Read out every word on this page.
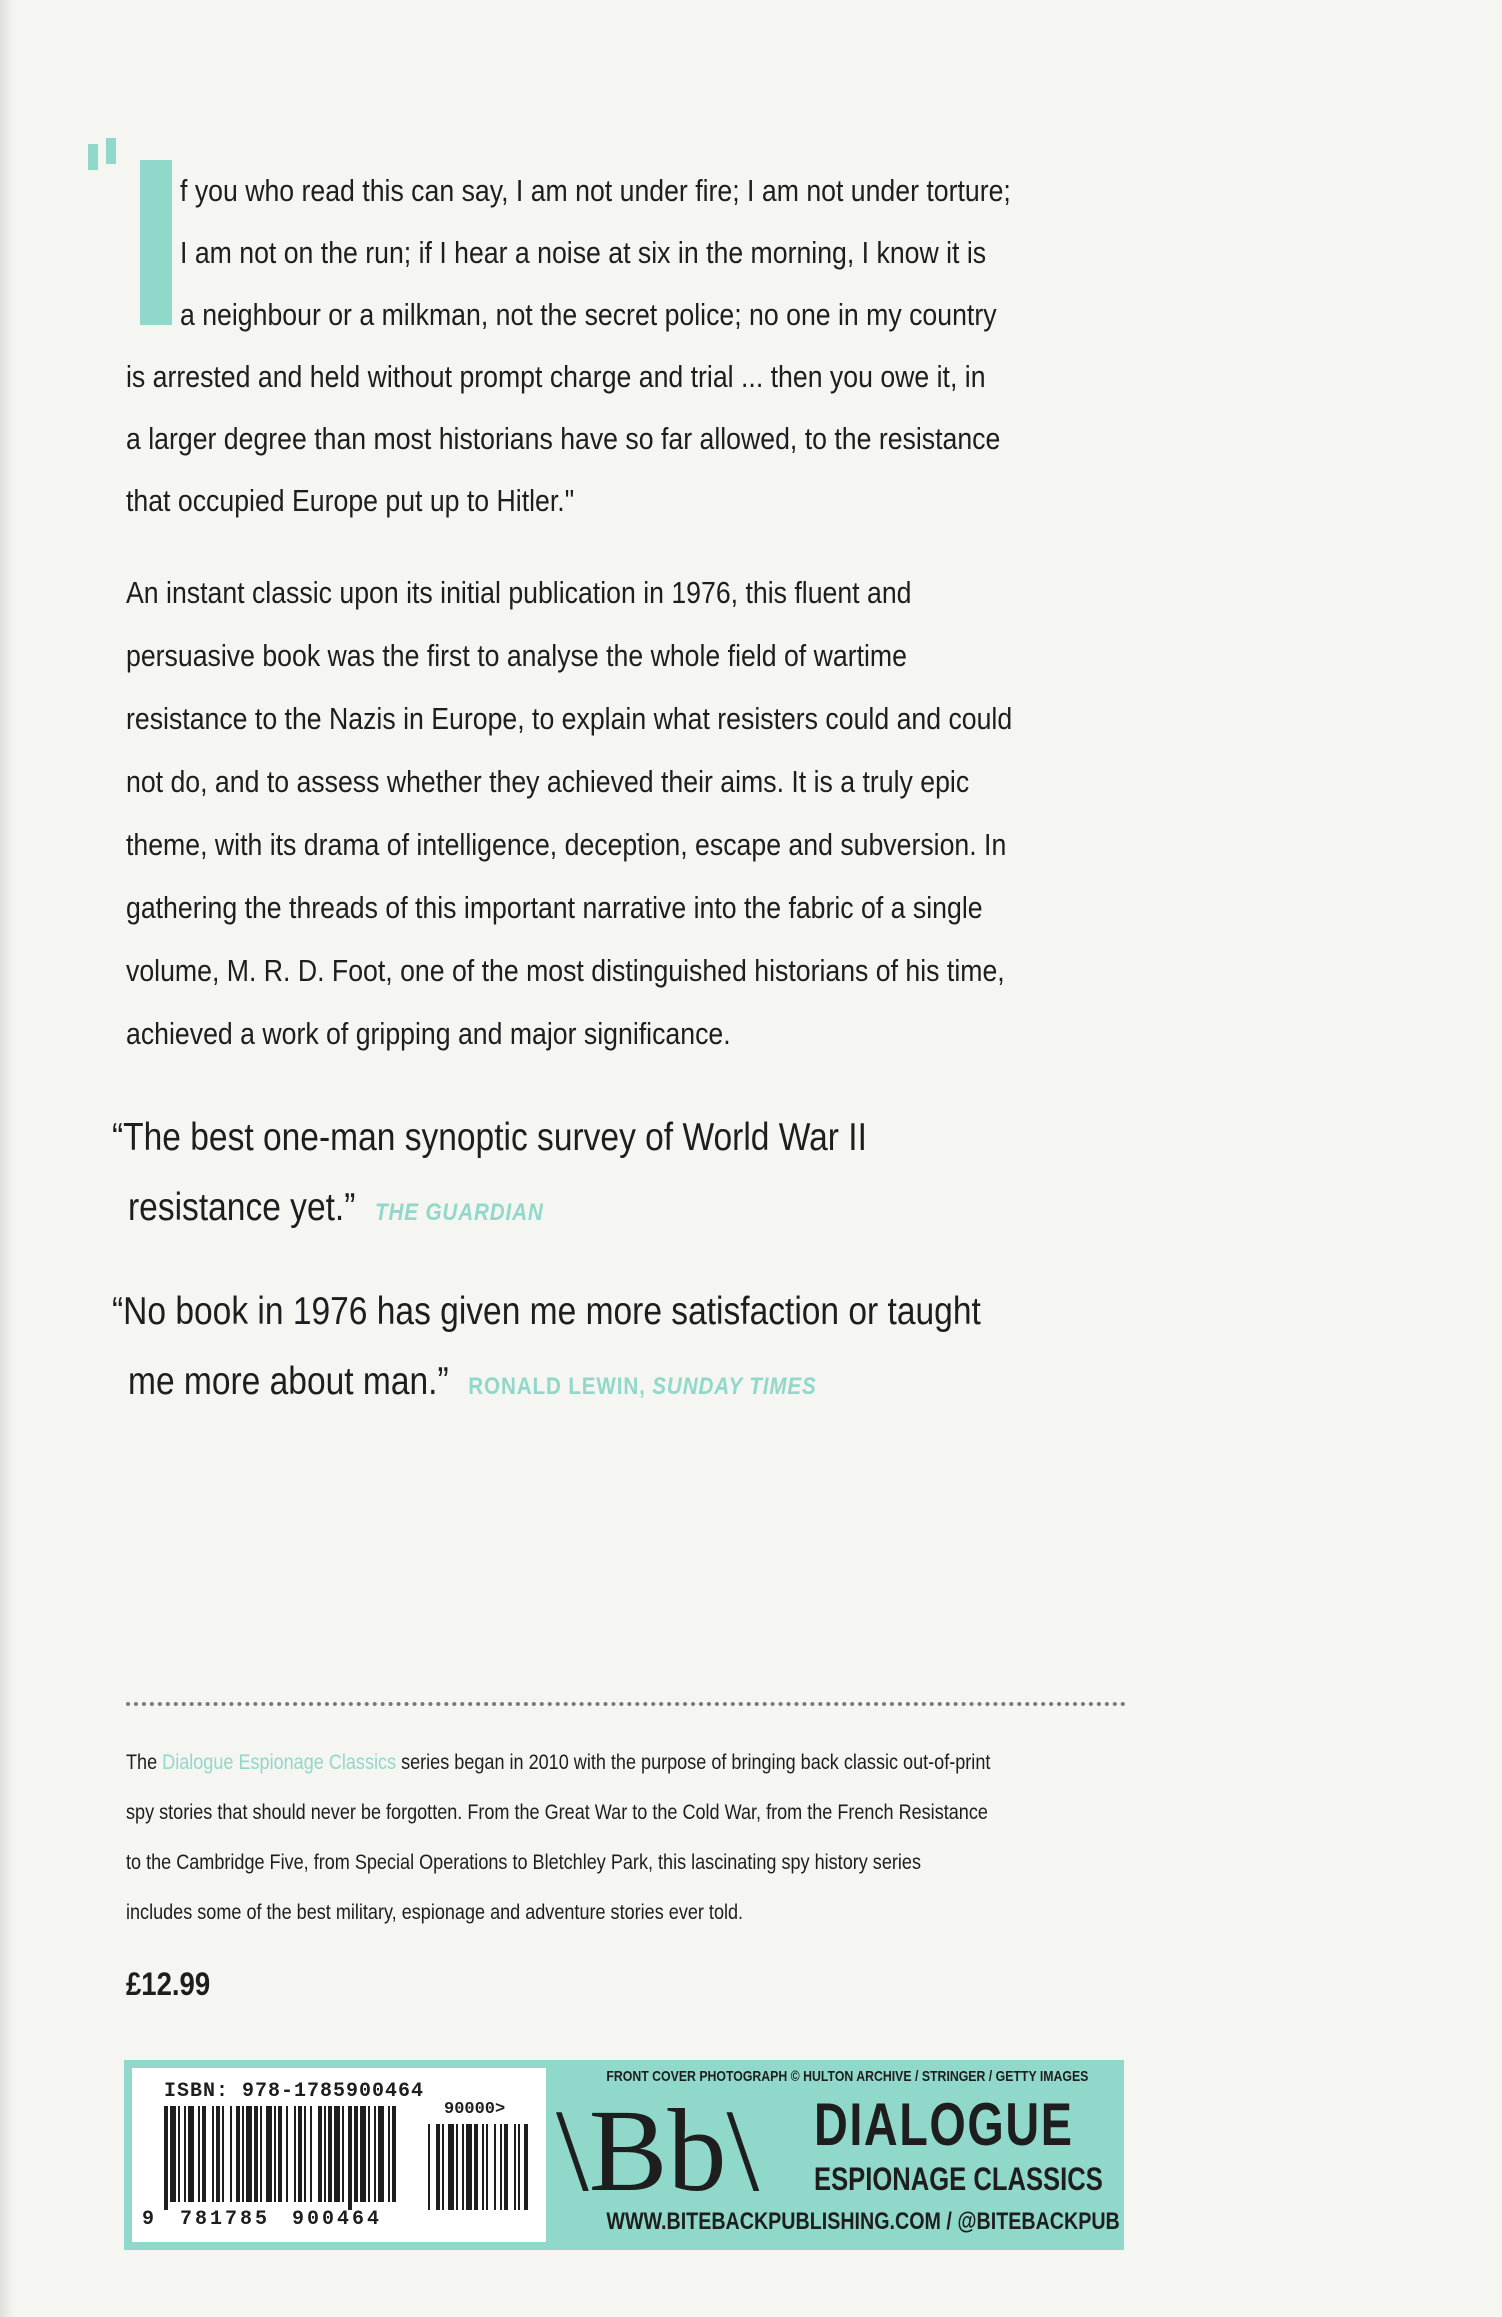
f you who read this can say, I am not under fire; I am not under torture;
I am not on the run; if I hear a noise at six in the morning, I know it is
a neighbour or a milkman, not the secret police; no one in my country
is arrested and held without prompt charge and trial ... then you owe it, in
a larger degree than most historians have so far allowed, to the resistance
that occupied Europe put up to Hitler."
An instant classic upon its initial publication in 1976, this fluent and
persuasive book was the first to analyse the whole field of wartime
resistance to the Nazis in Europe, to explain what resisters could and could
not do, and to assess whether they achieved their aims. It is a truly epic
theme, with its drama of intelligence, deception, escape and subversion. In
gathering the threads of this important narrative into the fabric of a single
volume, M. R. D. Foot, one of the most distinguished historians of his time,
achieved a work of gripping and major significance.
“The best one-man synoptic survey of World War II
resistance yet.” THE GUARDIAN
“No book in 1976 has given me more satisfaction or taught
me more about man.” RONALD LEWIN, SUNDAY TIMES
The Dialogue Espionage Classics series began in 2010 with the purpose of bringing back classic out-of-print
spy stories that should never be forgotten. From the Great War to the Cold War, from the French Resistance
to the Cambridge Five, from Special Operations to Bletchley Park, this lascinating spy history series
includes some of the best military, espionage and adventure stories ever told.
£12.99
ISBN: 978-1785900464
90000>
9 781785 900464
FRONT COVER PHOTOGRAPH © HULTON ARCHIVE / STRINGER / GETTY IMAGES
\Bb\ DIALOGUE
ESPIONAGE CLASSICS
WWW.BITEBACKPUBLISHING.COM / @BITEBACKPUB
